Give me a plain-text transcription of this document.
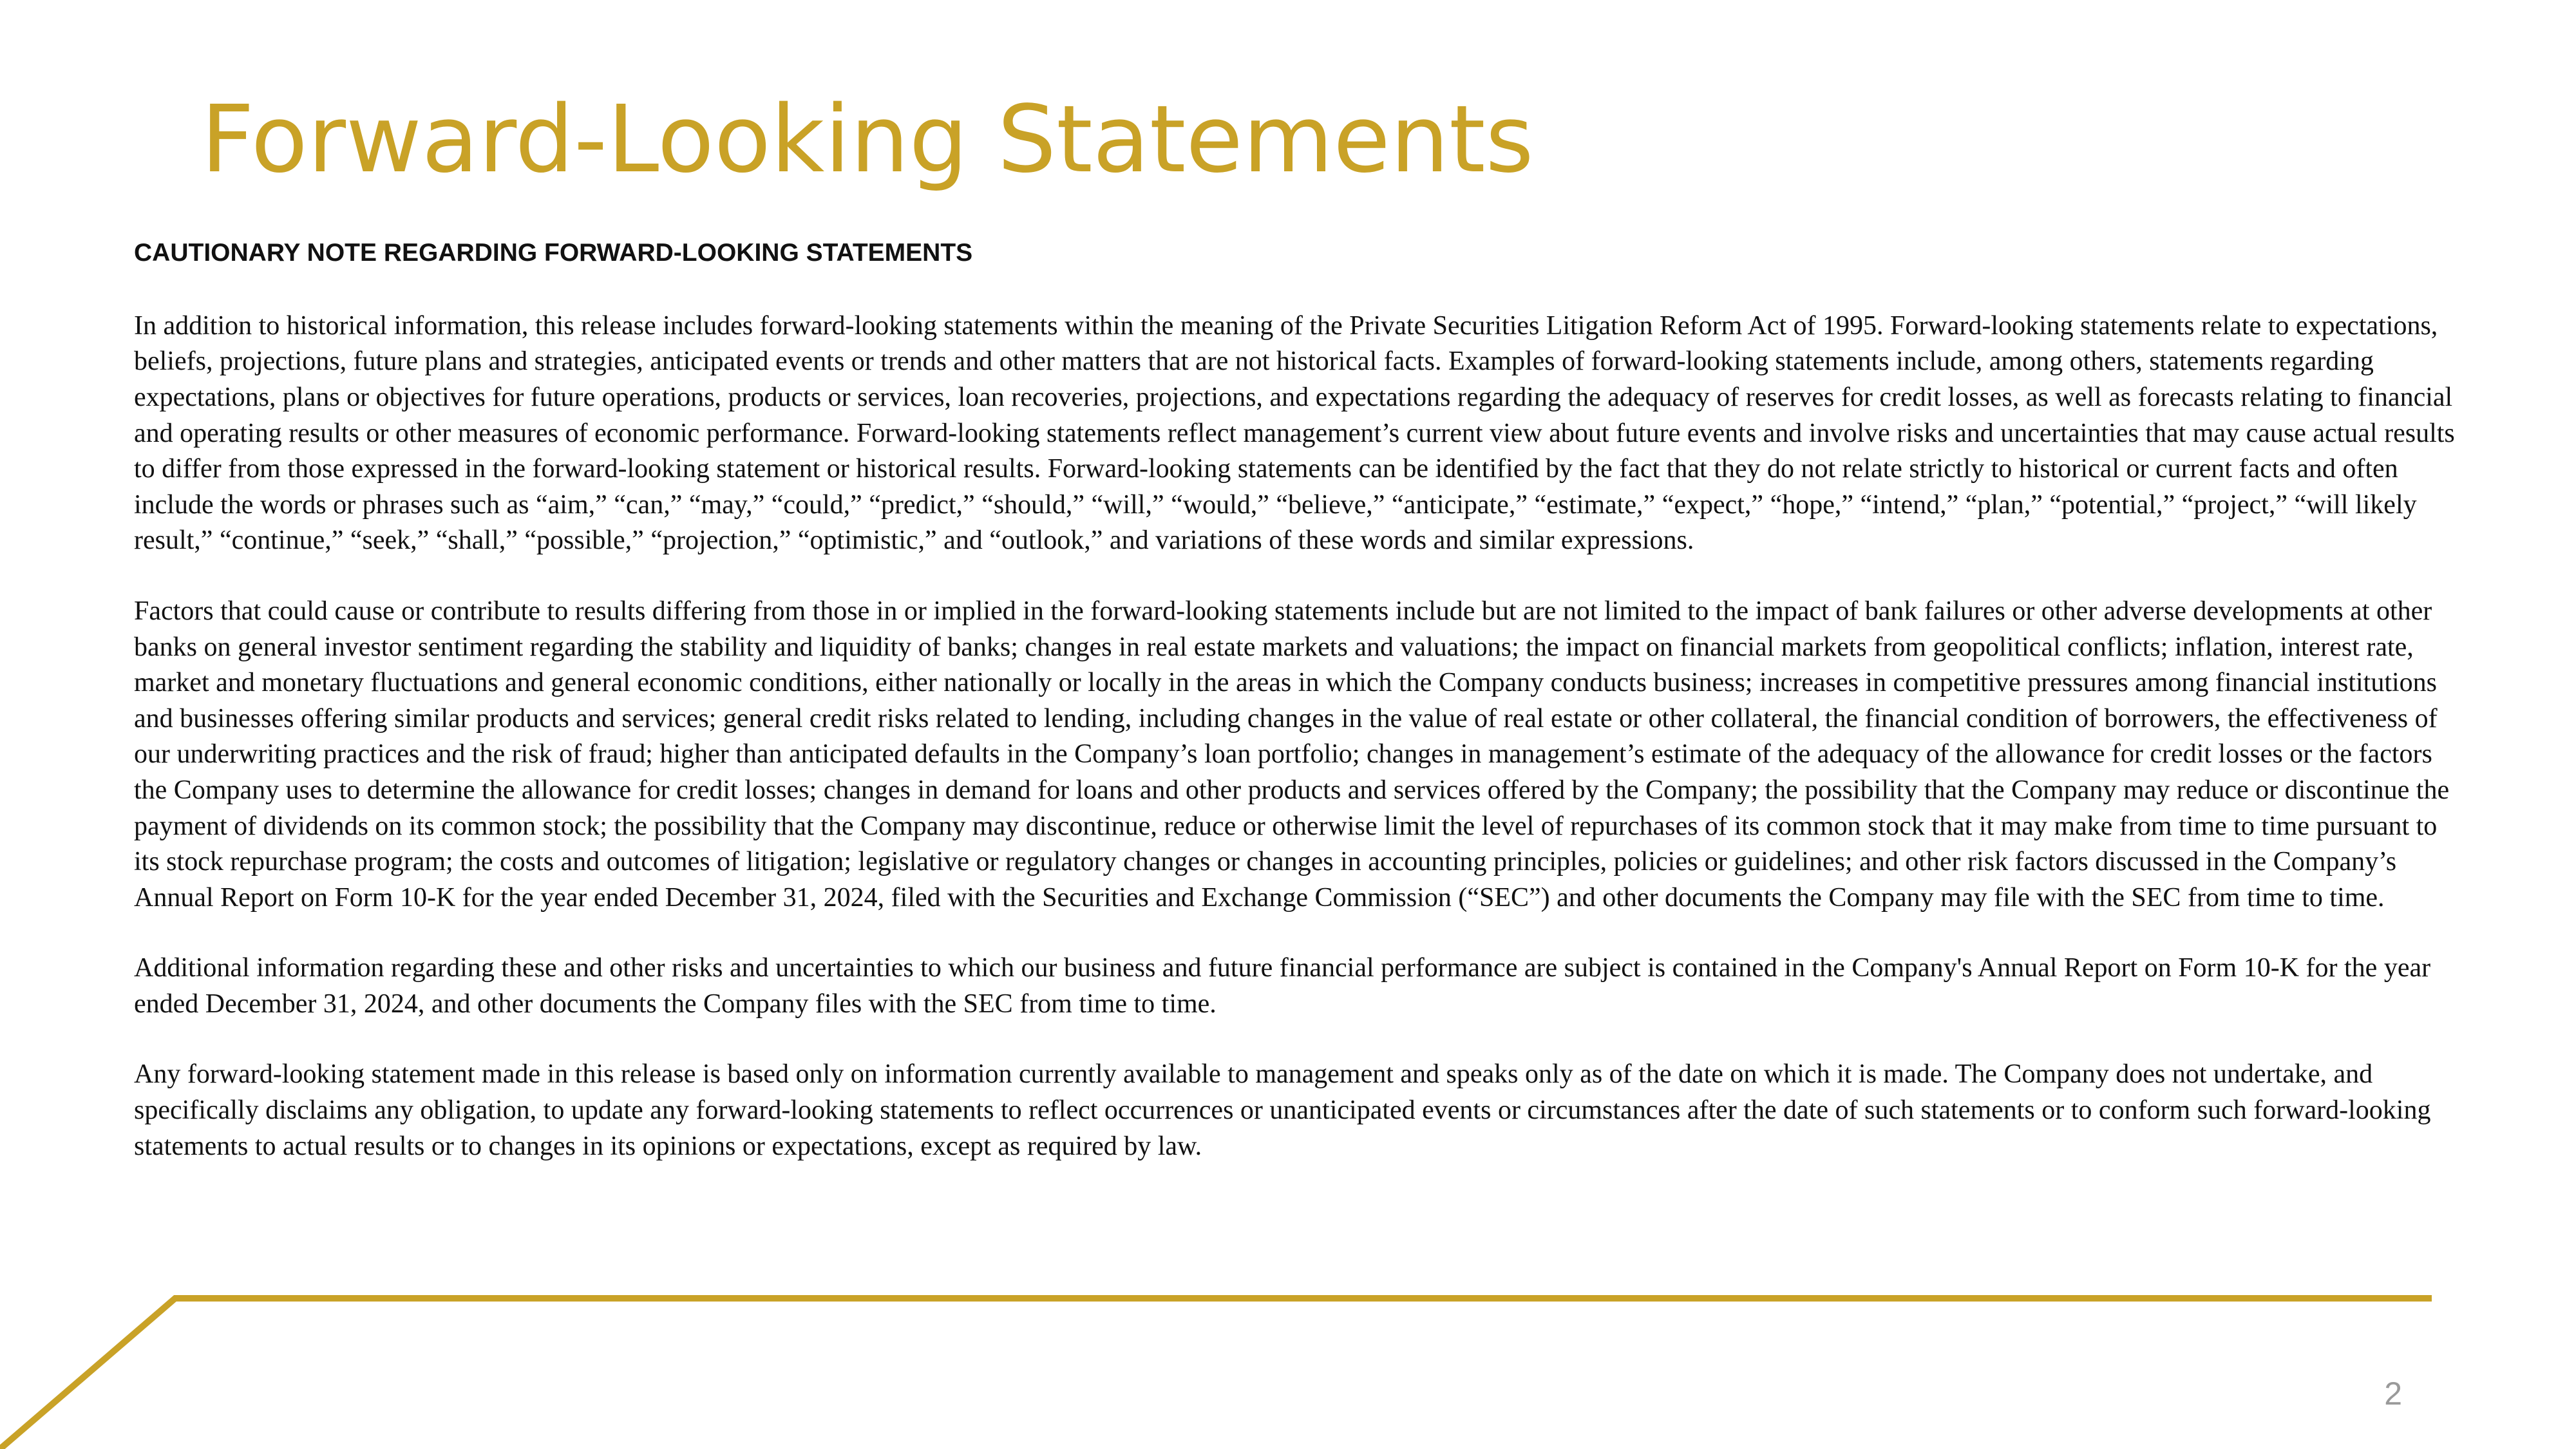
Forward-Looking Statements

CAUTIONARY NOTE REGARDING FORWARD-LOOKING STATEMENTS

In addition to historical information, this release includes forward-looking statements within the meaning of the Private Securities Litigation Reform Act of 1995. Forward-looking statements relate to expectations, beliefs, projections, future plans and strategies, anticipated events or trends and other matters that are not historical facts. Examples of forward-looking statements include, among others, statements regarding expectations, plans or objectives for future operations, products or services, loan recoveries, projections, and expectations regarding the adequacy of reserves for credit losses, as well as forecasts relating to financial and operating results or other measures of economic performance. Forward-looking statements reflect management’s current view about future events and involve risks and uncertainties that may cause actual results to differ from those expressed in the forward-looking statement or historical results. Forward-looking statements can be identified by the fact that they do not relate strictly to historical or current facts and often include the words or phrases such as “aim,” “can,” “may,” “could,” “predict,” “should,” “will,” “would,” “believe,” “anticipate,” “estimate,” “expect,” “hope,” “intend,” “plan,” “potential,” “project,” “will likely result,” “continue,” “seek,” “shall,” “possible,” “projection,” “optimistic,” and “outlook,” and variations of these words and similar expressions.

Factors that could cause or contribute to results differing from those in or implied in the forward-looking statements include but are not limited to the impact of bank failures or other adverse developments at other banks on general investor sentiment regarding the stability and liquidity of banks; changes in real estate markets and valuations; the impact on financial markets from geopolitical conflicts; inflation, interest rate, market and monetary fluctuations and general economic conditions, either nationally or locally in the areas in which the Company conducts business; increases in competitive pressures among financial institutions and businesses offering similar products and services; general credit risks related to lending, including changes in the value of real estate or other collateral, the financial condition of borrowers, the effectiveness of our underwriting practices and the risk of fraud; higher than anticipated defaults in the Company’s loan portfolio; changes in management’s estimate of the adequacy of the allowance for credit losses or the factors the Company uses to determine the allowance for credit losses; changes in demand for loans and other products and services offered by the Company; the possibility that the Company may reduce or discontinue the payment of dividends on its common stock; the possibility that the Company may discontinue, reduce or otherwise limit the level of repurchases of its common stock that it may make from time to time pursuant to its stock repurchase program; the costs and outcomes of litigation; legislative or regulatory changes or changes in accounting principles, policies or guidelines; and other risk factors discussed in the Company’s Annual Report on Form 10-K for the year ended December 31, 2024, filed with the Securities and Exchange Commission (“SEC”) and other documents the Company may file with the SEC from time to time.

Additional information regarding these and other risks and uncertainties to which our business and future financial performance are subject is contained in the Company's Annual Report on Form 10-K for the year ended December 31, 2024, and other documents the Company files with the SEC from time to time.

Any forward-looking statement made in this release is based only on information currently available to management and speaks only as of the date on which it is made. The Company does not undertake, and specifically disclaims any obligation, to update any forward-looking statements to reflect occurrences or unanticipated events or circumstances after the date of such statements or to conform such forward-looking statements to actual results or to changes in its opinions or expectations, except as required by law.

2
